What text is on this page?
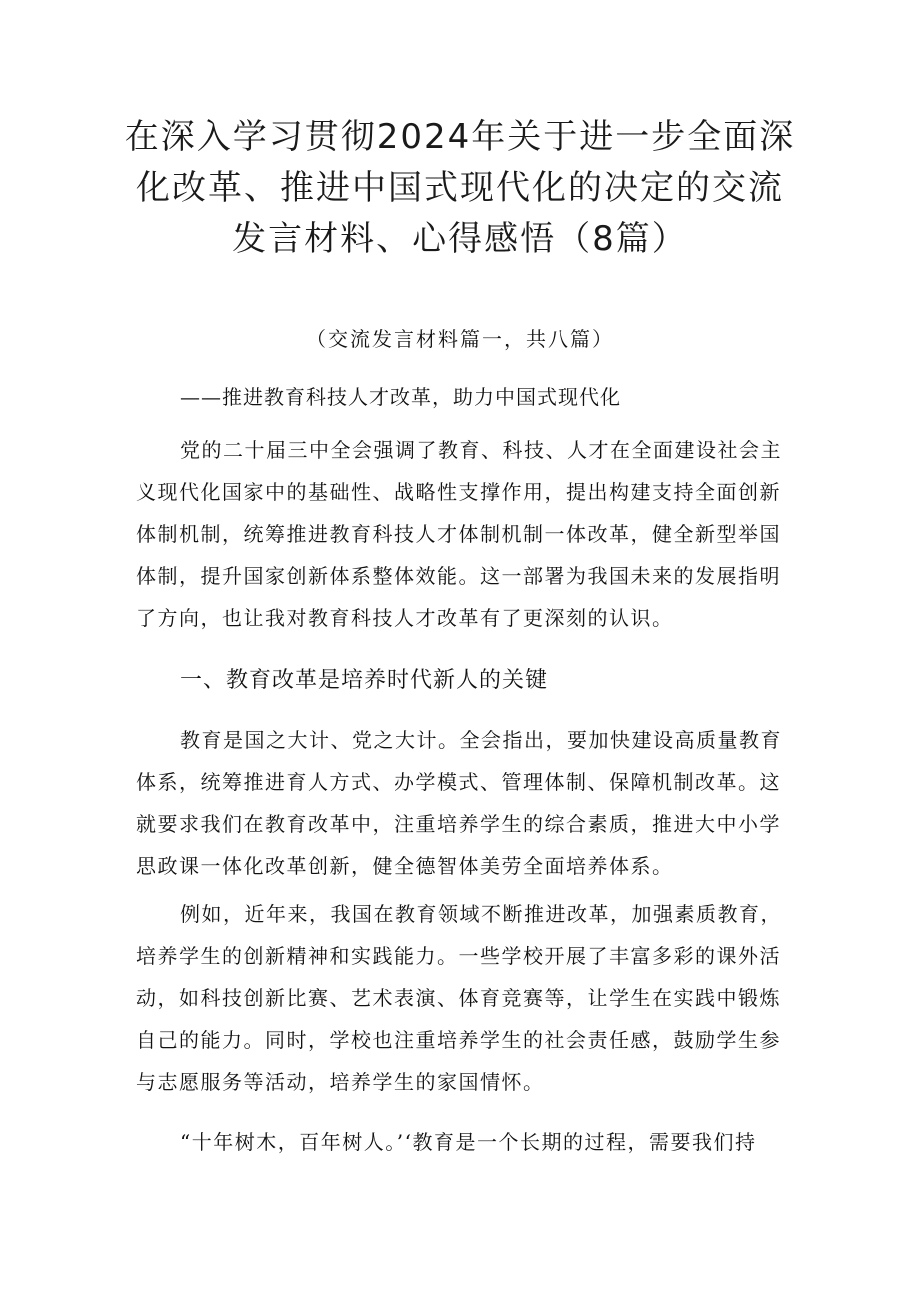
在深入学习贯彻2024年关于进一步全面深
化改革、推进中国式现代化的决定的交流
发言材料、心得感悟（8篇）
（交流发言材料篇一，共八篇）
——推进教育科技人才改革，助力中国式现代化
党的二十届三中全会强调了教育、科技、人才在全面建设社会主
义现代化国家中的基础性、战略性支撑作用，提出构建支持全面创新
体制机制，统筹推进教育科技人才体制机制一体改革，健全新型举国
体制，提升国家创新体系整体效能。这一部署为我国未来的发展指明
了方向，也让我对教育科技人才改革有了更深刻的认识。
一、教育改革是培养时代新人的关键
教育是国之大计、党之大计。全会指出，要加快建设高质量教育
体系，统筹推进育人方式、办学模式、管理体制、保障机制改革。这
就要求我们在教育改革中，注重培养学生的综合素质，推进大中小学
思政课一体化改革创新，健全德智体美劳全面培养体系。
例如，近年来，我国在教育领域不断推进改革，加强素质教育，
培养学生的创新精神和实践能力。一些学校开展了丰富多彩的课外活
动，如科技创新比赛、艺术表演、体育竞赛等，让学生在实践中锻炼
自己的能力。同时，学校也注重培养学生的社会责任感，鼓励学生参
与志愿服务等活动，培养学生的家国情怀。
“十年树木，百年树人。’‘教育是一个长期的过程，需要我们持
